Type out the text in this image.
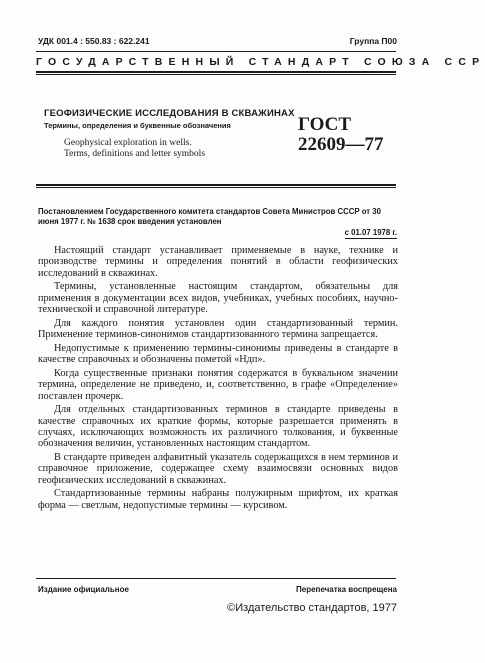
УДК 001.4 : 550.83 : 622.241	Группа П00
ГОСУДАРСТВЕННЫЙ СТАНДАРТ СОЮЗА ССР
ГЕОФИЗИЧЕСКИЕ ИССЛЕДОВАНИЯ В СКВАЖИНАХ
Термины, определения и буквенные обозначения
Geophysical exploration in wells.
Terms, definitions and letter symbols
ГОСТ
22609—77
Постановлением Государственного комитета стандартов Совета Министров СССР от 30 июня 1977 г. № 1638 срок введения установлен
с 01.07 1978 г.

Настоящий стандарт устанавливает применяемые в науке, технике и производстве термины и определения понятий в области геофизических исследований в скважинах.

Термины, установленные настоящим стандартом, обязательны для применения в документации всех видов, учебниках, учебных пособиях, научно-технической и справочной литературе.

Для каждого понятия установлен один стандартизованный термин. Применение терминов-синонимов стандартизованного термина запрещается.

Недопустимые к применению термины-синонимы приведены в стандарте в качестве справочных и обозначены пометой «Ндп».

Когда существенные признаки понятия содержатся в буквальном значении термина, определение не приведено, и, соответственно, в графе «Определение» поставлен прочерк.

Для отдельных стандартизованных терминов в стандарте приведены в качестве справочных их краткие формы, которые разрешается применять в случаях, исключающих возможность их различного толкования, и буквенные обозначения величин, установленных настоящим стандартом.

В стандарте приведен алфавитный указатель содержащихся в нем терминов и справочное приложение, содержащее схему взаимосвязи основных видов геофизических исследований в скважинах.

Стандартизованные термины набраны полужирным шрифтом, их краткая форма — светлым, недопустимые термины — курсивом.

Издание официальное	Перепечатка воспрещена
©Издательство стандартов, 1977
